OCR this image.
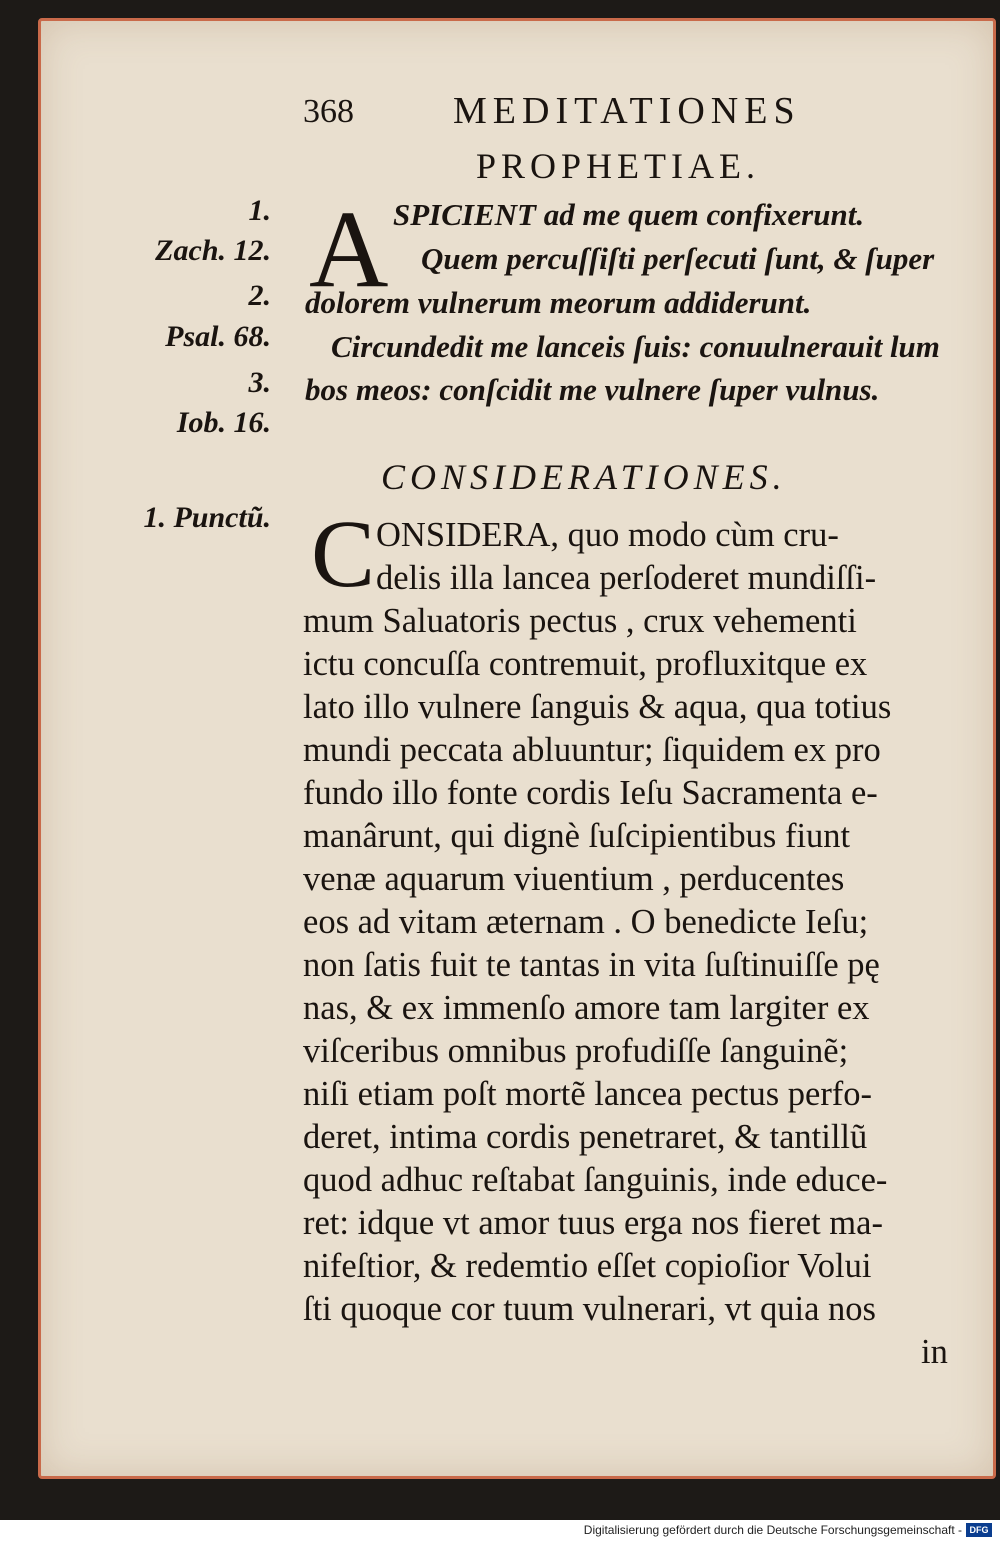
368	MEDITATIONES
PROPHETIAE.
1.
Zach. 12.
2.
Psal. 68.
3.
Iob. 16.
1. Punctũ.
A SPICIENT ad me quem confixerunt.
Quem percuſſiſti perſecuti ſunt, & ſuper
dolorem vulnerum meorum addiderunt.
Circundedit me lanceis ſuis: conuulnerauit lum
bos meos: conſcidit me vulnere ſuper vulnus.
CONSIDERATIONES.
C ONSIDERA, quo modo cùm cru-
delis illa lancea perſoderet mundiſſi-
mum Saluatoris pectus , crux vehementi
ictu concuſſa contremuit, profluxitque ex
lato illo vulnere ſanguis & aqua, qua totius
mundi peccata abluuntur; ſiquidem ex pro
fundo illo fonte cordis Ieſu Sacramenta e-
manârunt, qui dignè ſuſcipientibus fiunt
venæ aquarum viuentium , perducentes
eos ad vitam æternam . O benedicte Ieſu;
non ſatis fuit te tantas in vita ſuſtinuiſſe pę
nas, & ex immenſo amore tam largiter ex
viſceribus omnibus profudiſſe ſanguinẽ;
niſi etiam poſt mortẽ lancea pectus perfo-
deret, intima cordis penetraret, & tantillũ
quod adhuc reſtabat ſanguinis, inde educe-
ret: idque vt amor tuus erga nos fieret ma-
nifeſtior, & redemtio eſſet copioſior Volui
ſti quoque cor tuum vulnerari, vt quia nos
in
Digitalisierung gefördert durch die Deutsche Forschungsgemeinschaft - DFG
